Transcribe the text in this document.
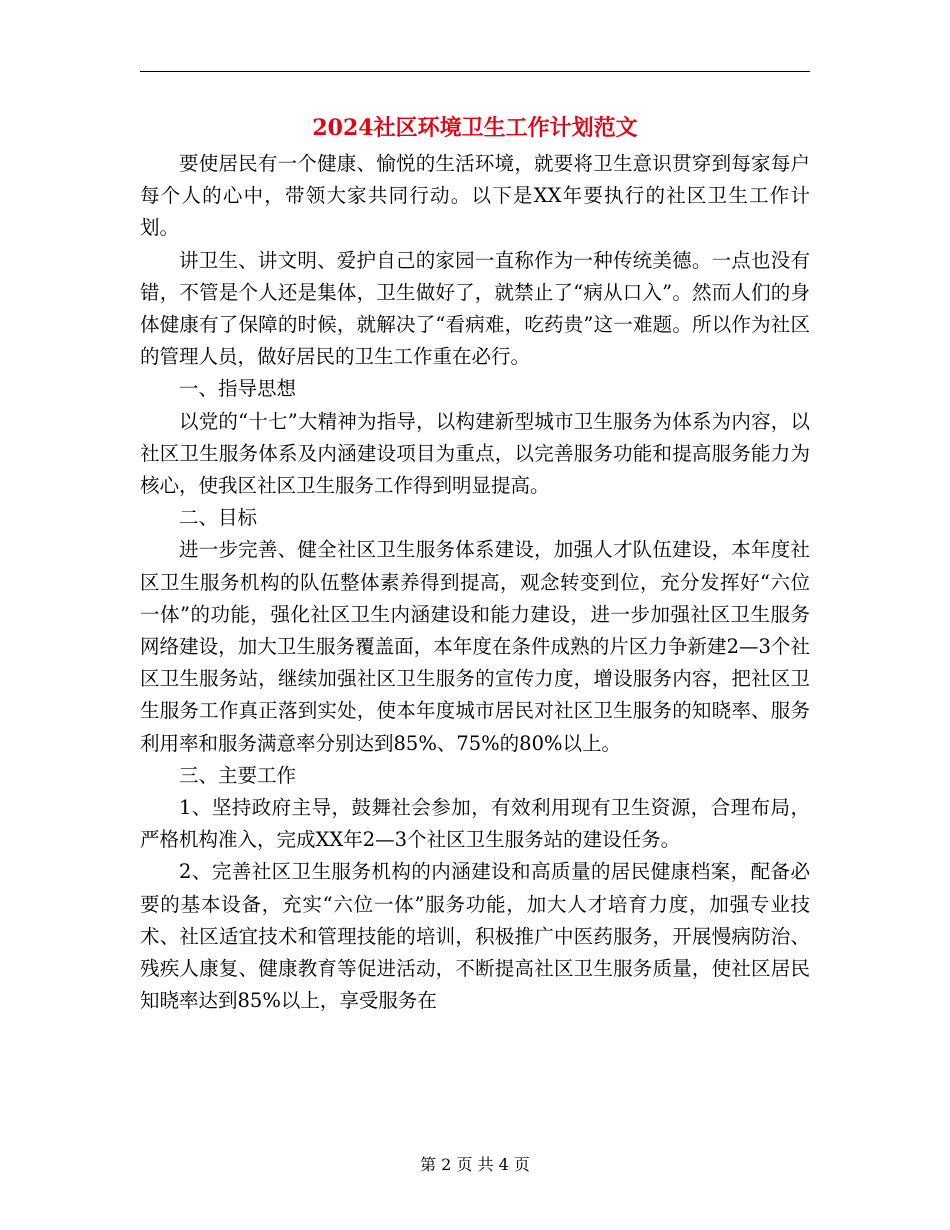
2024社区环境卫生工作计划范文

要使居民有一个健康、愉悦的生活环境，就要将卫生意识贯穿到每家每户每个人的心中，带领大家共同行动。以下是XX年要执行的社区卫生工作计划。

讲卫生、讲文明、爱护自己的家园一直称作为一种传统美德。一点也没有错，不管是个人还是集体，卫生做好了，就禁止了“病从口入”。然而人们的身体健康有了保障的时候，就解决了“看病难，吃药贵”这一难题。所以作为社区的管理人员，做好居民的卫生工作重在必行。

一、指导思想

以党的“十七”大精神为指导，以构建新型城市卫生服务为体系为内容，以社区卫生服务体系及内涵建设项目为重点，以完善服务功能和提高服务能力为核心，使我区社区卫生服务工作得到明显提高。

二、目标

进一步完善、健全社区卫生服务体系建设，加强人才队伍建设，本年度社区卫生服务机构的队伍整体素养得到提高，观念转变到位，充分发挥好“六位一体”的功能，强化社区卫生内涵建设和能力建设，进一步加强社区卫生服务网络建设，加大卫生服务覆盖面，本年度在条件成熟的片区力争新建2—3个社区卫生服务站，继续加强社区卫生服务的宣传力度，增设服务内容，把社区卫生服务工作真正落到实处，使本年度城市居民对社区卫生服务的知晓率、服务利用率和服务满意率分别达到85%、75%的80%以上。

三、主要工作

1、坚持政府主导，鼓舞社会参加，有效利用现有卫生资源，合理布局，严格机构准入，完成XX年2—3个社区卫生服务站的建设任务。

2、完善社区卫生服务机构的内涵建设和高质量的居民健康档案，配备必要的基本设备，充实“六位一体”服务功能，加大人才培育力度，加强专业技术、社区适宜技术和管理技能的培训，积极推广中医药服务，开展慢病防治、残疾人康复、健康教育等促进活动，不断提高社区卫生服务质量，使社区居民知晓率达到85%以上，享受服务在

第 2 页 共 4 页
